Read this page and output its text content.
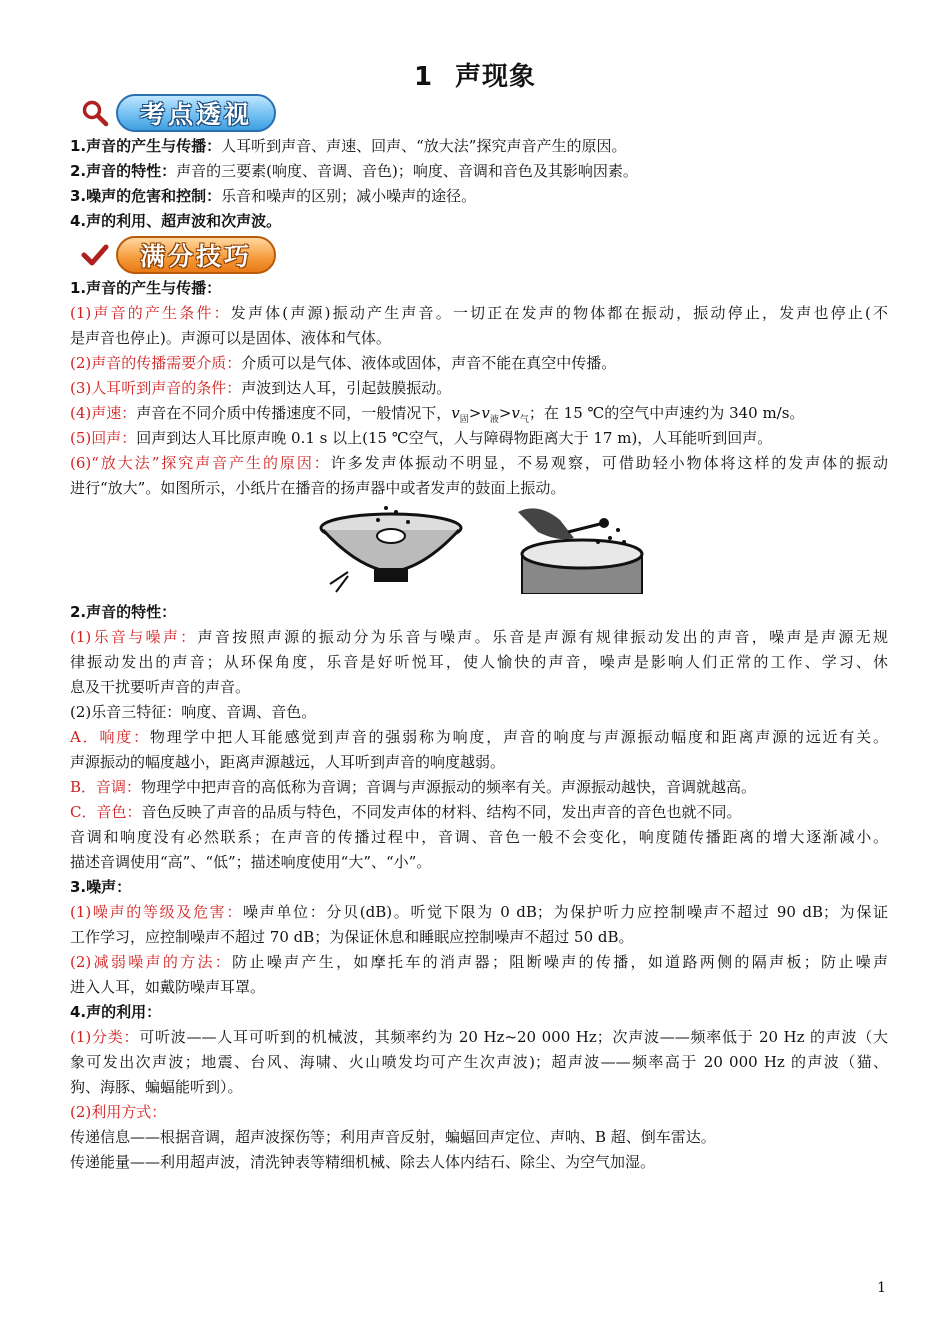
1 声现象
考点透视
1.声音的产生与传播：人耳听到声音、声速、回声、“放大法”探究声音产生的原因。
2.声音的特性：声音的三要素(响度、音调、音色)；响度、音调和音色及其影响因素。
3.噪声的危害和控制：乐音和噪声的区别；减小噪声的途径。
4.声的利用、超声波和次声波。
满分技巧
1.声音的产生与传播：
(1)声音的产生条件：发声体(声源)振动产生声音。一切正在发声的物体都在振动，振动停止，发声也停止(不
是声音也停止)。声源可以是固体、液体和气体。
(2)声音的传播需要介质：介质可以是气体、液体或固体，声音不能在真空中传播。
(3)人耳听到声音的条件：声波到达人耳，引起鼓膜振动。
(4)声速：声音在不同介质中传播速度不同，一般情况下，$v_固>v_液>v_气$；在 15 ℃的空气中声速约为 340 m/s。
(5)回声：回声到达人耳比原声晚 0.1 s 以上(15 ℃空气，人与障碍物距离大于 17 m)，人耳能听到回声。
(6)“放大法”探究声音产生的原因：许多发声体振动不明显，不易观察，可借助轻小物体将这样的发声体的振动
进行“放大”。如图所示，小纸片在播音的扬声器中或者发声的鼓面上振动。
2.声音的特性：
(1)乐音与噪声：声音按照声源的振动分为乐音与噪声。乐音是声源有规律振动发出的声音，噪声是声源无规
律振动发出的声音；从环保角度，乐音是好听悦耳，使人愉快的声音，噪声是影响人们正常的工作、学习、休
息及干扰要听声音的声音。
(2)乐音三特征：响度、音调、音色。
A．响度：物理学中把人耳能感觉到声音的强弱称为响度，声音的响度与声源振动幅度和距离声源的远近有关。
声源振动的幅度越小，距离声源越远，人耳听到声音的响度越弱。
B．音调：物理学中把声音的高低称为音调；音调与声源振动的频率有关。声源振动越快，音调就越高。
C．音色：音色反映了声音的品质与特色，不同发声体的材料、结构不同，发出声音的音色也就不同。
音调和响度没有必然联系；在声音的传播过程中，音调、音色一般不会变化，响度随传播距离的增大逐渐减小。
描述音调使用“高”、“低”；描述响度使用“大”、“小”。
3.噪声：
(1)噪声的等级及危害：噪声单位：分贝(dB)。听觉下限为 0 dB；为保护听力应控制噪声不超过 90 dB；为保证
工作学习，应控制噪声不超过 70 dB；为保证休息和睡眠应控制噪声不超过 50 dB。
(2)减弱噪声的方法：防止噪声产生，如摩托车的消声器；阻断噪声的传播，如道路两侧的隔声板；防止噪声
进入人耳，如戴防噪声耳罩。
4.声的利用：
(1)分类：可听波——人耳可听到的机械波，其频率约为 20 Hz~20 000 Hz；次声波——频率低于 20 Hz 的声波（大
象可发出次声波；地震、台风、海啸、火山喷发均可产生次声波)；超声波——频率高于 20 000 Hz 的声波（猫、
狗、海豚、蝙蝠能听到）。
(2)利用方式：
传递信息——根据音调，超声波探伤等；利用声音反射，蝙蝠回声定位、声呐、B 超、倒车雷达。
传递能量——利用超声波，清洗钟表等精细机械、除去人体内结石、除尘、为空气加湿。
1
